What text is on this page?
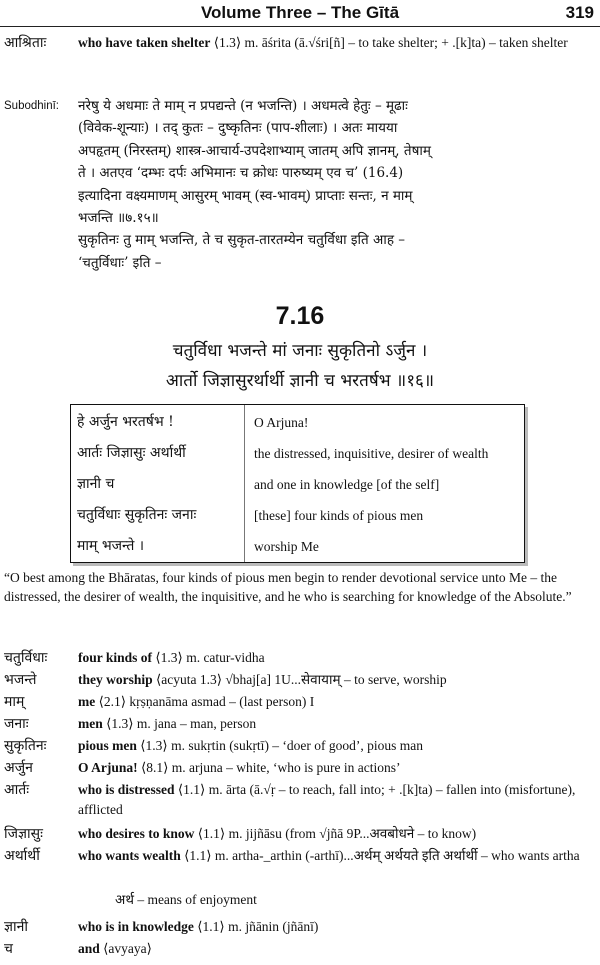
Volume Three – The Gītā	319
आश्रिताः who have taken shelter ⟨1.3⟩ m. āśrita (ā.√śri[ñ] – to take shelter; + .[k]ta) – taken shelter
Subodhinī: नरेषु ये अधमाः ते माम् न प्रपद्यन्ते (न भजन्ति) । अधमत्वे हेतुः – मूढाः
(विवेक-शून्याः) । तद् कुतः – दुष्कृतिनः (पाप-शीलाः) । अतः मायया
अपहृतम् (निरस्तम्) शास्त्र-आचार्य-उपदेशाभ्याम् जातम् अपि ज्ञानम्, तेषाम्
ते । अतएव ‘दम्भः दर्पः अभिमानः च क्रोधः पारुष्यम् एव च’ (16.4)
इत्यादिना वक्ष्यमाणम् आसुरम् भावम् (स्व-भावम्) प्राप्ताः सन्तः, न माम्
भजन्ति ॥७.१५॥
सुकृतिनः तु माम् भजन्ति, ते च सुकृत-तारतम्येन चतुर्विधा इति आह –
‘चतुर्विधाः’ इति –
7.16
चतुर्विधा भजन्ते मां जनाः सुकृतिनो ऽर्जुन ।
आर्तो जिज्ञासुरर्थार्थी ज्ञानी च भरतर्षभ ॥१६॥
हे अर्जुन भरतर्षभ !	O Arjuna!
आर्तः जिज्ञासुः अर्थार्थी	the distressed, inquisitive, desirer of wealth
ज्ञानी च	and one in knowledge [of the self]
चतुर्विधाः सुकृतिनः जनाः	[these] four kinds of pious men
माम् भजन्ते ।	worship Me
“O best among the Bhāratas, four kinds of pious men begin to render devotional service unto Me – the distressed, the desirer of wealth, the inquisitive, and he who is searching for knowledge of the Absolute.”
चतुर्विधाः four kinds of ⟨1.3⟩ m. catur-vidha
भजन्ते	they worship ⟨acyuta 1.3⟩ √bhaj[a] 1U...सेवायाम् – to serve, worship
माम्	me ⟨2.1⟩ kṛṣṇanāma asmad – (last person) I
जनाः	men ⟨1.3⟩ m. jana – man, person
सुकृतिनः pious men ⟨1.3⟩ m. sukṛtin (sukṛtī) – ‘doer of good’, pious man
अर्जुन	O Arjuna! ⟨8.1⟩ m. arjuna – white, ‘who is pure in actions’
आर्तः	who is distressed ⟨1.1⟩ m. ārta (ā.√ṛ – to reach, fall into; + .[k]ta) – fallen into (misfortune), afflicted
जिज्ञासुः	who desires to know ⟨1.1⟩ m. jijñāsu (from √jñā 9P...अवबोधने – to know)
अर्थार्थी	who wants wealth ⟨1.1⟩ m. artha-_arthin (-arthī)...अर्थम् अर्थयते इति अर्थार्थी – who wants artha
अर्थ – means of enjoyment
ज्ञानी	who is in knowledge ⟨1.1⟩ m. jñānin (jñānī)
च	and ⟨avyaya⟩
